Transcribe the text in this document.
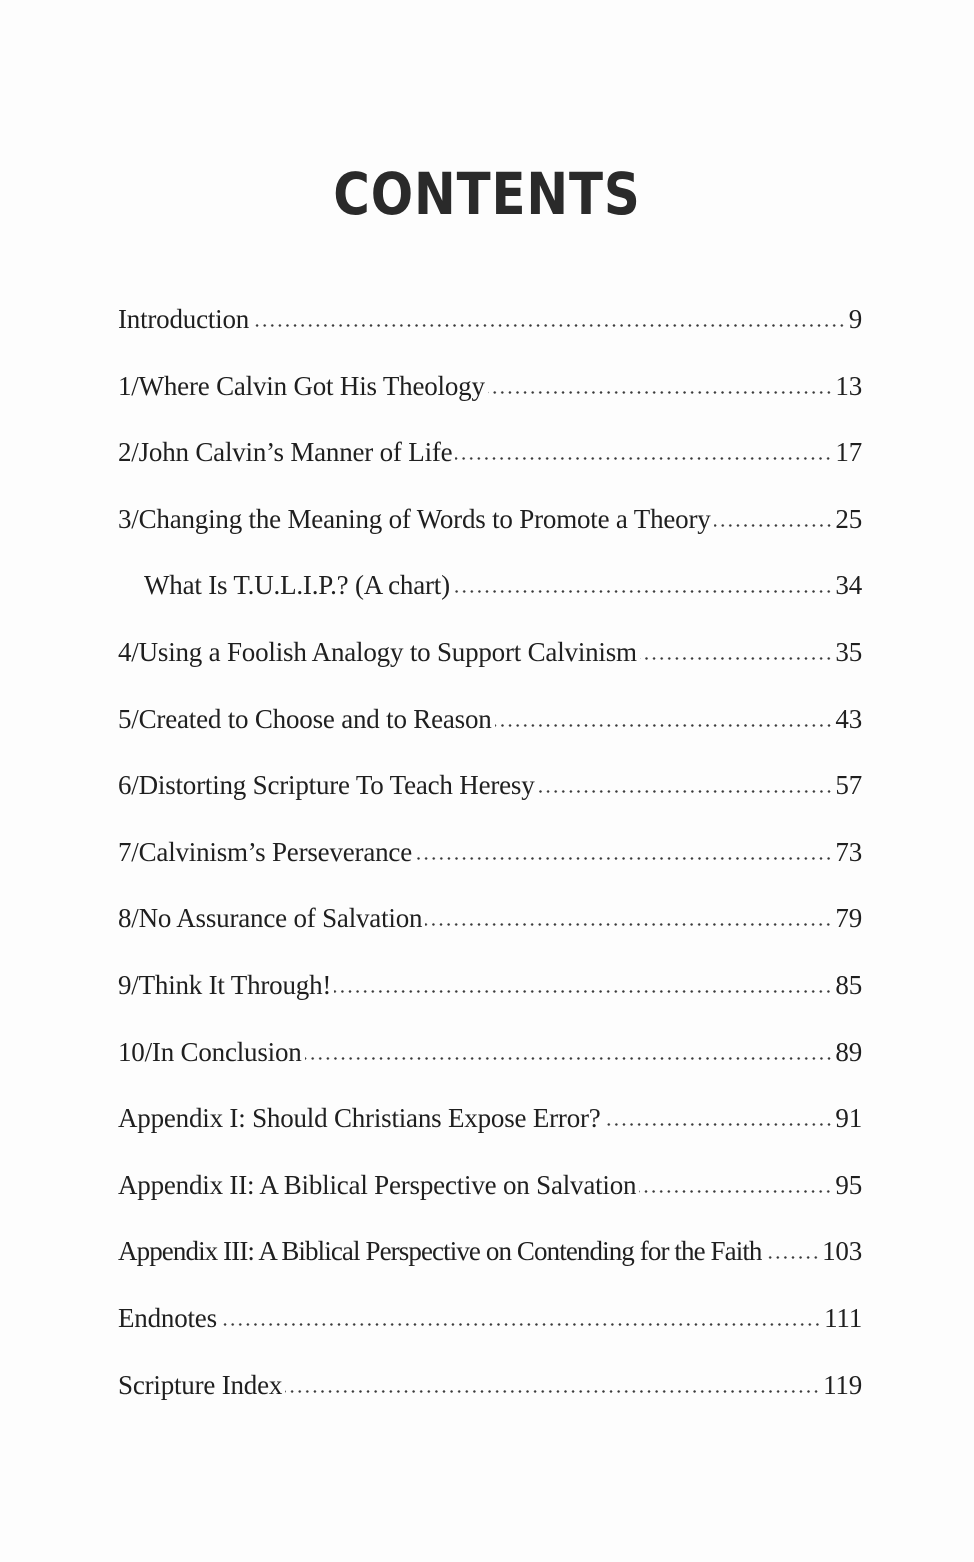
CONTENTS
Introduction	9
1/Where Calvin Got His Theology	13
2/John Calvin’s Manner of Life	17
3/Changing the Meaning of Words to Promote a Theory	25
What Is T.U.L.I.P.? (A chart)	34
4/Using a Foolish Analogy to Support Calvinism	35
5/Created to Choose and to Reason	43
6/Distorting Scripture To Teach Heresy	57
7/Calvinism’s Perseverance	73
8/No Assurance of Salvation	79
9/Think It Through!	85
10/In Conclusion	89
Appendix I: Should Christians Expose Error?	91
Appendix II: A Biblical Perspective on Salvation	95
Appendix III: A Biblical Perspective on Contending for the Faith 103
Endnotes	111
Scripture Index	119
